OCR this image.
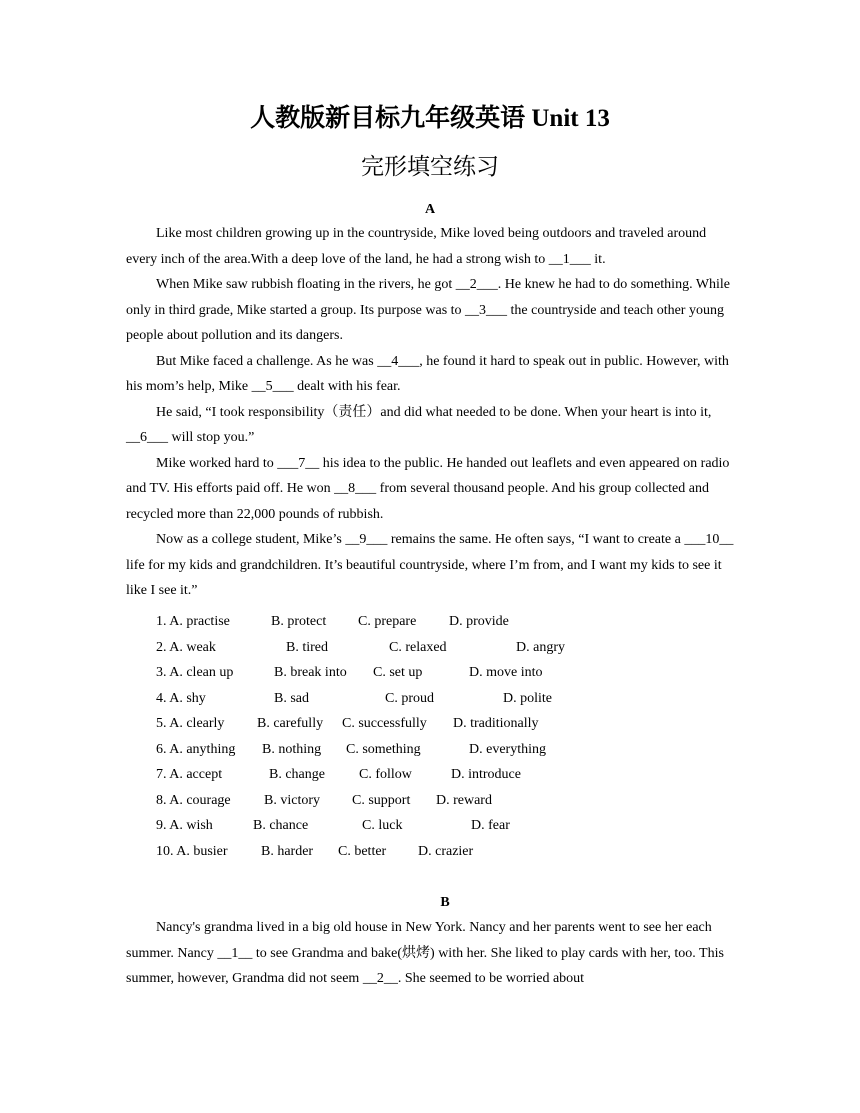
人教版新目标九年级英语 Unit 13
完形填空练习
A

Like most children growing up in the countryside, Mike loved being outdoors and traveled around every inch of the area.With a deep love of the land, he had a strong wish to __1___ it.

When Mike saw rubbish floating in the rivers, he got __2___. He knew he had to do something. While only in third grade, Mike started a group. Its purpose was to __3___ the countryside and teach other young people about pollution and its dangers.

But Mike faced a challenge. As he was __4___, he found it hard to speak out in public. However, with his mom’s help, Mike __5___ dealt with his fear.

He said, “I took responsibility（责任）and did what needed to be done. When your heart is into it, __6___ will stop you.”

Mike worked hard to ___7__ his idea to the public. He handed out leaflets and even appeared on radio and TV. His efforts paid off. He won __8___ from several thousand people. And his group collected and recycled more than 22,000 pounds of rubbish.

Now as a college student, Mike’s __9___ remains the same. He often says, “I want to create a ___10__ life for my kids and grandchildren. It’s beautiful countryside, where I’m from, and I want my kids to see it like I see it.”

1. A. practise	B. protect C. prepare D. provide
2. A. weak	B. tired	C. relaxed	D. angry
3. A. clean up	B. break into C. set up	D. move into
4. A. shy	B. sad	C. proud	D. polite
5. A. clearly B. carefully C. successfully D. traditionally
6. A. anything B. nothing C. something	D. everything
7. A. accept	B. change C. follow	D. introduce
8. A. courage B. victory C. support D. reward
9. A. wish	B. chance	C. luck	D. fear
10. A. busier B. harder C. better D. crazier
B

Nancy's grandma lived in a big old house in New York. Nancy and her parents went to see her each summer. Nancy __1__ to see Grandma and bake(烘烤) with her. She liked to play cards with her, too. This summer, however, Grandma did not seem __2__. She seemed to be worried about
